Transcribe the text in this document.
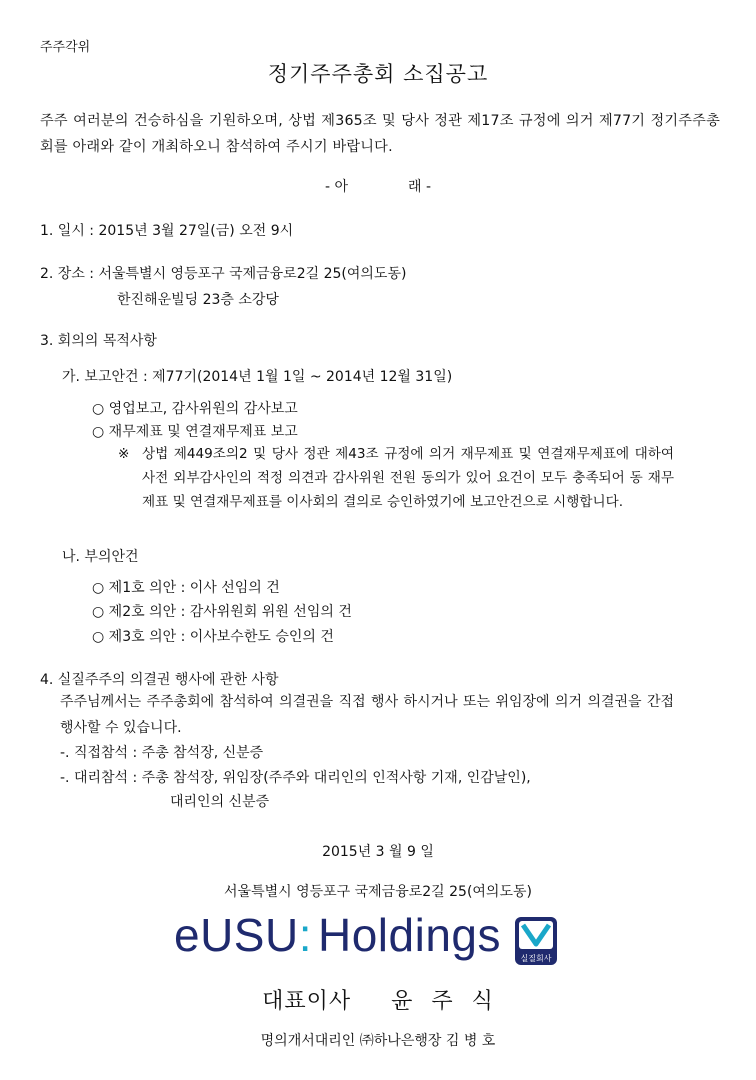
주주각위
정기주주총회 소집공고
주주 여러분의 건승하심을 기원하오며, 상법 제365조 및 당사 정관 제17조 규정에 의거 제77기 정기주주총회를 아래와 같이 개최하오니 참석하여 주시기 바랍니다.
- 아	래 -
1. 일시 : 2015년 3월 27일(금) 오전 9시
2. 장소 : 서울특별시 영등포구 국제금융로2길 25(여의도동)
한진해운빌딩 23층 소강당
3. 회의의 목적사항
가. 보고안건 : 제77기(2014년 1월 1일 ~ 2014년 12월 31일)
○ 영업보고, 감사위원의 감사보고
○ 재무제표 및 연결재무제표 보고
※ 상법 제449조의2 및 당사 정관 제43조 규정에 의거 재무제표 및 연결재무제표에 대하여 사전 외부감사인의 적정 의견과 감사위원 전원 동의가 있어 요건이 모두 충족되어 동 재무제표 및 연결재무제표를 이사회의 결의로 승인하였기에 보고안건으로 시행합니다.
나. 부의안건
○ 제1호 의안 : 이사 선임의 건
○ 제2호 의안 : 감사위원회 위원 선임의 건
○ 제3호 의안 : 이사보수한도 승인의 건
4. 실질주주의 의결권 행사에 관한 사항
주주님께서는 주주총회에 참석하여 의결권을 직접 행사 하시거나 또는 위임장에 의거 의결권을 간접 행사할 수 있습니다.
-. 직접참석 : 주총 참석장, 신분증
-. 대리참석 : 주총 참석장, 위임장(주주와 대리인의 인적사항 기재, 인감날인),
대리인의 신분증
2015년 3 월 9 일
서울특별시 영등포구 국제금융로2길 25(여의도동)
eUSU: Holdings 실질회사
대표이사 윤 주 식
명의개서대리인 ㈜하나은행장 김 병 호
